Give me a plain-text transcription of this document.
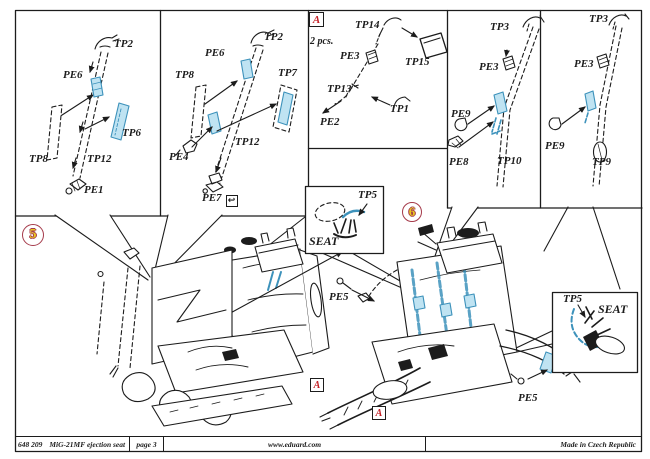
TP2
PE6
TP6
TP8	TP12
PE1
TP2
PE6
TP8	TP7
TP12
PE4
PE7 ↩
A
2 pcs.
TP14
TP15
PE3
TP13
TP1
PE2
TP3
PE3
PE9
PE8	TP10
TP3
PE3
PE9
TP9
5
6
TP5
SEAT
TP5
SEAT
PE5
PE5
A
A
648 209 MiG-21MF ejection seat	page 3	www.eduard.com	Made in Czech Republic
